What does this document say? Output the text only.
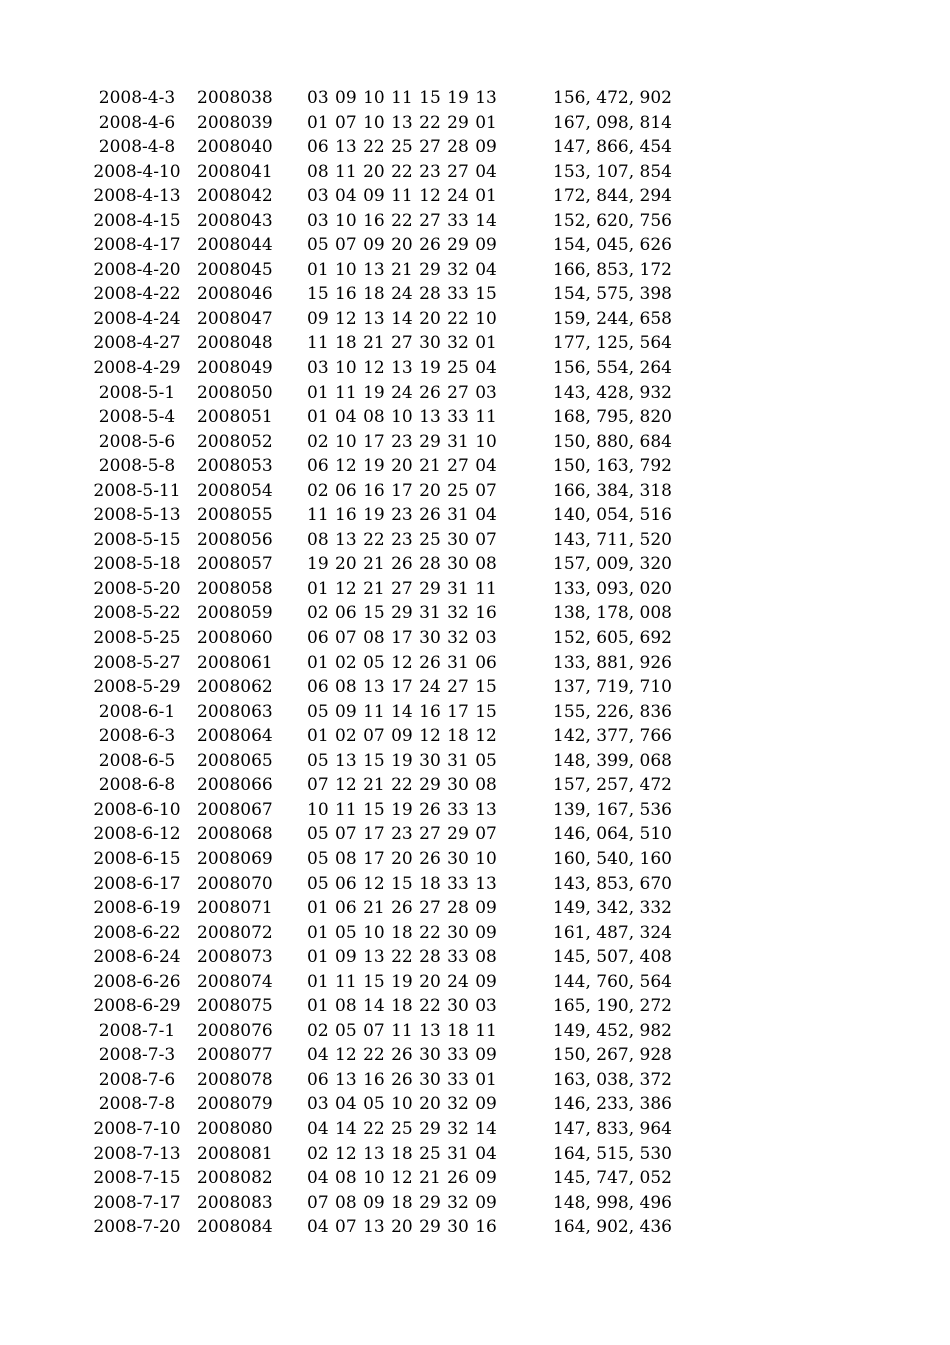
2008-4-3	2008038 03 09 10 11 15 19 13	156, 472, 902
2008-4-6	2008039 01 07 10 13 22 29 01	167, 098, 814
2008-4-8	2008040 06 13 22 25 27 28 09	147, 866, 454
2008-4-10 2008041 08 11 20 22 23 27 04	153, 107, 854
2008-4-13 2008042 03 04 09 11 12 24 01	172, 844, 294
2008-4-15 2008043 03 10 16 22 27 33 14	152, 620, 756
2008-4-17 2008044 05 07 09 20 26 29 09	154, 045, 626
2008-4-20 2008045 01 10 13 21 29 32 04	166, 853, 172
2008-4-22 2008046 15 16 18 24 28 33 15	154, 575, 398
2008-4-24 2008047 09 12 13 14 20 22 10	159, 244, 658
2008-4-27 2008048 11 18 21 27 30 32 01	177, 125, 564
2008-4-29 2008049 03 10 12 13 19 25 04	156, 554, 264
2008-5-1	2008050 01 11 19 24 26 27 03	143, 428, 932
2008-5-4	2008051 01 04 08 10 13 33 11	168, 795, 820
2008-5-6	2008052 02 10 17 23 29 31 10	150, 880, 684
2008-5-8	2008053 06 12 19 20 21 27 04	150, 163, 792
2008-5-11 2008054 02 06 16 17 20 25 07	166, 384, 318
2008-5-13 2008055 11 16 19 23 26 31 04	140, 054, 516
2008-5-15 2008056 08 13 22 23 25 30 07	143, 711, 520
2008-5-18 2008057 19 20 21 26 28 30 08	157, 009, 320
2008-5-20 2008058 01 12 21 27 29 31 11	133, 093, 020
2008-5-22 2008059 02 06 15 29 31 32 16	138, 178, 008
2008-5-25 2008060 06 07 08 17 30 32 03	152, 605, 692
2008-5-27 2008061 01 02 05 12 26 31 06	133, 881, 926
2008-5-29 2008062 06 08 13 17 24 27 15	137, 719, 710
2008-6-1	2008063 05 09 11 14 16 17 15	155, 226, 836
2008-6-3	2008064 01 02 07 09 12 18 12	142, 377, 766
2008-6-5	2008065 05 13 15 19 30 31 05	148, 399, 068
2008-6-8	2008066 07 12 21 22 29 30 08	157, 257, 472
2008-6-10 2008067 10 11 15 19 26 33 13	139, 167, 536
2008-6-12 2008068 05 07 17 23 27 29 07	146, 064, 510
2008-6-15 2008069 05 08 17 20 26 30 10	160, 540, 160
2008-6-17 2008070 05 06 12 15 18 33 13	143, 853, 670
2008-6-19 2008071 01 06 21 26 27 28 09	149, 342, 332
2008-6-22 2008072 01 05 10 18 22 30 09	161, 487, 324
2008-6-24 2008073 01 09 13 22 28 33 08	145, 507, 408
2008-6-26 2008074 01 11 15 19 20 24 09	144, 760, 564
2008-6-29 2008075 01 08 14 18 22 30 03	165, 190, 272
2008-7-1	2008076 02 05 07 11 13 18 11	149, 452, 982
2008-7-3	2008077 04 12 22 26 30 33 09	150, 267, 928
2008-7-6	2008078 06 13 16 26 30 33 01	163, 038, 372
2008-7-8	2008079 03 04 05 10 20 32 09	146, 233, 386
2008-7-10 2008080 04 14 22 25 29 32 14	147, 833, 964
2008-7-13 2008081 02 12 13 18 25 31 04	164, 515, 530
2008-7-15 2008082 04 08 10 12 21 26 09	145, 747, 052
2008-7-17 2008083 07 08 09 18 29 32 09	148, 998, 496
2008-7-20 2008084 04 07 13 20 29 30 16	164, 902, 436
